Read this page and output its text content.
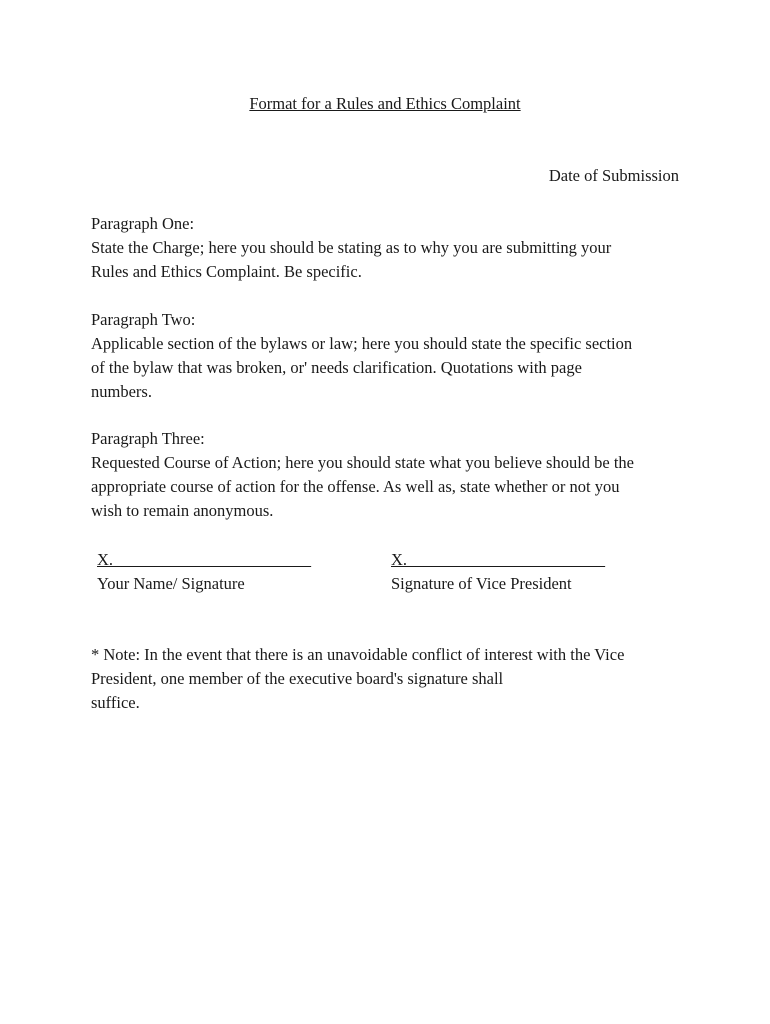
Format for a Rules and Ethics Complaint
Date of Submission

Paragraph One:

State the Charge; here you should be stating as to why you are submitting your

Rules and Ethics Complaint. Be specific.

Paragraph Two:

Applicable section of the bylaws or law; here you should state the specific section

of the bylaw that was broken, or' needs clarification. Quotations with page

numbers.

Paragraph Three:

Requested Course of Action; here you should state what you believe should be the

appropriate course of action for the offense. As well as, state whether or not you

wish to remain anonymous.

X.________________________
Your Name/ Signature
X.________________________
Signature of Vice President

* Note: In the event that there is an unavoidable conflict of interest with the Vice

President, one member of the executive board's signature shall

suffice.
